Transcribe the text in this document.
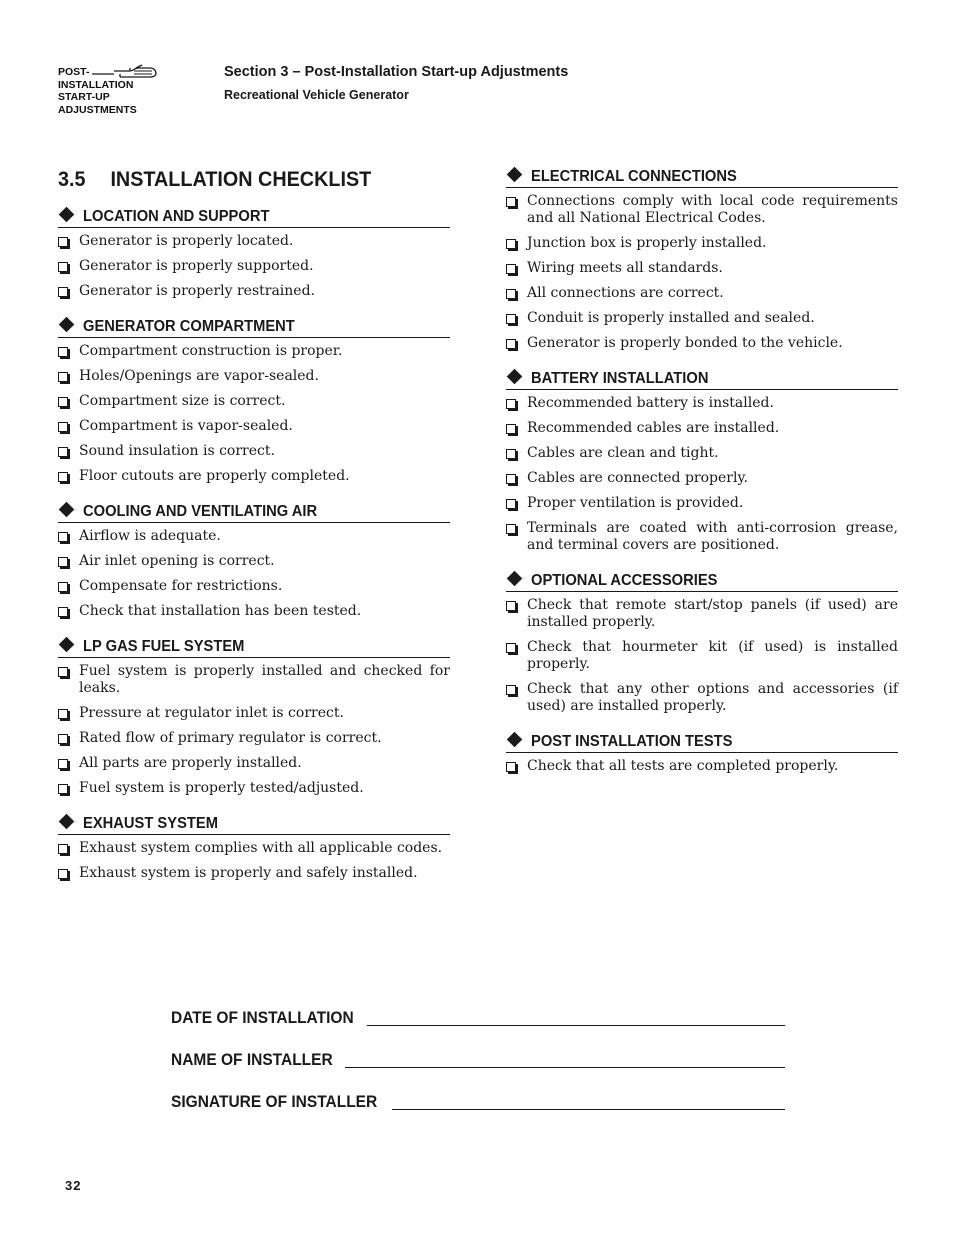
POST-
INSTALLATION
START-UP
ADJUSTMENTS
Section 3 – Post-Installation Start-up Adjustments
Recreational Vehicle Generator
3.5 INSTALLATION CHECKLIST
LOCATION AND SUPPORT
Generator is properly located.
Generator is properly supported.
Generator is properly restrained.
GENERATOR COMPARTMENT
Compartment construction is proper.
Holes/Openings are vapor-sealed.
Compartment size is correct.
Compartment is vapor-sealed.
Sound insulation is correct.
Floor cutouts are properly completed.
COOLING AND VENTILATING AIR
Airflow is adequate.
Air inlet opening is correct.
Compensate for restrictions.
Check that installation has been tested.
LP GAS FUEL SYSTEM
Fuel system is properly installed and checked for leaks.
Pressure at regulator inlet is correct.
Rated flow of primary regulator is correct.
All parts are properly installed.
Fuel system is properly tested/adjusted.
EXHAUST SYSTEM
Exhaust system complies with all applicable codes.
Exhaust system is properly and safely installed.
ELECTRICAL CONNECTIONS
Connections comply with local code requirements and all National Electrical Codes.
Junction box is properly installed.
Wiring meets all standards.
All connections are correct.
Conduit is properly installed and sealed.
Generator is properly bonded to the vehicle.
BATTERY INSTALLATION
Recommended battery is installed.
Recommended cables are installed.
Cables are clean and tight.
Cables are connected properly.
Proper ventilation is provided.
Terminals are coated with anti-corrosion grease, and terminal covers are positioned.
OPTIONAL ACCESSORIES
Check that remote start/stop panels (if used) are installed properly.
Check that hourmeter kit (if used) is installed properly.
Check that any other options and accessories (if used) are installed properly.
POST INSTALLATION TESTS
Check that all tests are completed properly.
DATE OF INSTALLATION
NAME OF INSTALLER
SIGNATURE OF INSTALLER
32
